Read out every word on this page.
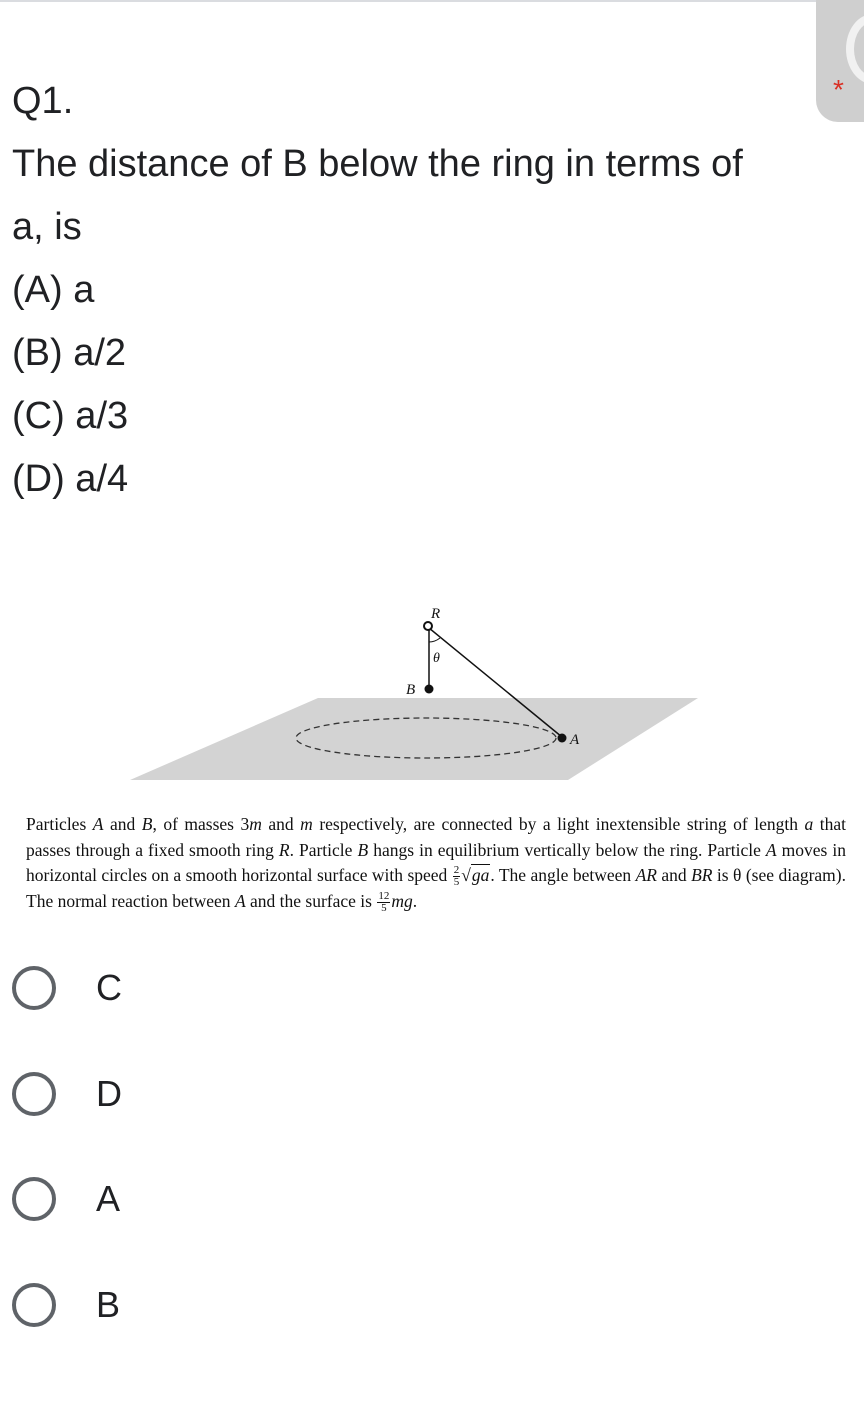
*
Q1.
The distance of B below the ring in terms of
a, is
(A) a
(B) a/2
(C) a/3
(D) a/4
R
θ
B
A
Particles A and B, of masses 3m and m respectively, are connected by a light inextensible string of length a that passes through a fixed smooth ring R. Particle B hangs in equilibrium vertically below the ring. Particle A moves in horizontal circles on a smooth horizontal surface with speed $\frac{2}{5} √ga$. The angle between AR and BR is θ (see diagram). The normal reaction between A and the surface is $\frac{12}{5}$ mg.
C
D
A
B
